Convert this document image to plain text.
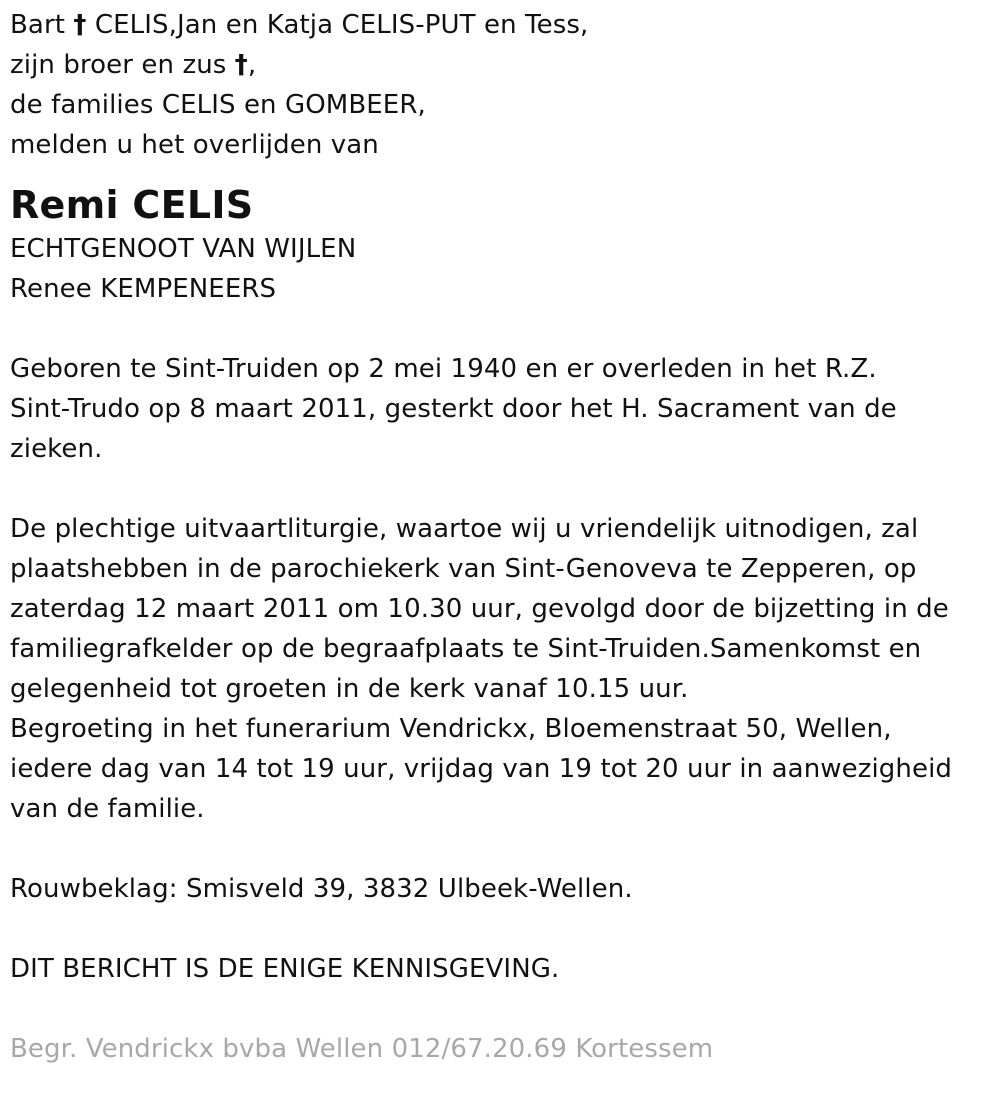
Bart † CELIS,Jan en Katja CELIS-PUT en Tess,
zijn broer en zus †,
de families CELIS en GOMBEER,
melden u het overlijden van
Remi CELIS
ECHTGENOOT VAN WIJLEN
Renee KEMPENEERS
Geboren te Sint-Truiden op 2 mei 1940 en er overleden in het R.Z.
Sint-Trudo op 8 maart 2011, gesterkt door het H. Sacrament van de
zieken.
De plechtige uitvaartliturgie, waartoe wij u vriendelijk uitnodigen, zal
plaatshebben in de parochiekerk van Sint-Genoveva te Zepperen, op
zaterdag 12 maart 2011 om 10.30 uur, gevolgd door de bijzetting in de
familiegrafkelder op de begraafplaats te Sint-Truiden.Samenkomst en
gelegenheid tot groeten in de kerk vanaf 10.15 uur.
Begroeting in het funerarium Vendrickx, Bloemenstraat 50, Wellen,
iedere dag van 14 tot 19 uur, vrijdag van 19 tot 20 uur in aanwezigheid
van de familie.
Rouwbeklag: Smisveld 39, 3832 Ulbeek-Wellen.
DIT BERICHT IS DE ENIGE KENNISGEVING.
Begr. Vendrickx bvba Wellen 012/67.20.69 Kortessem
